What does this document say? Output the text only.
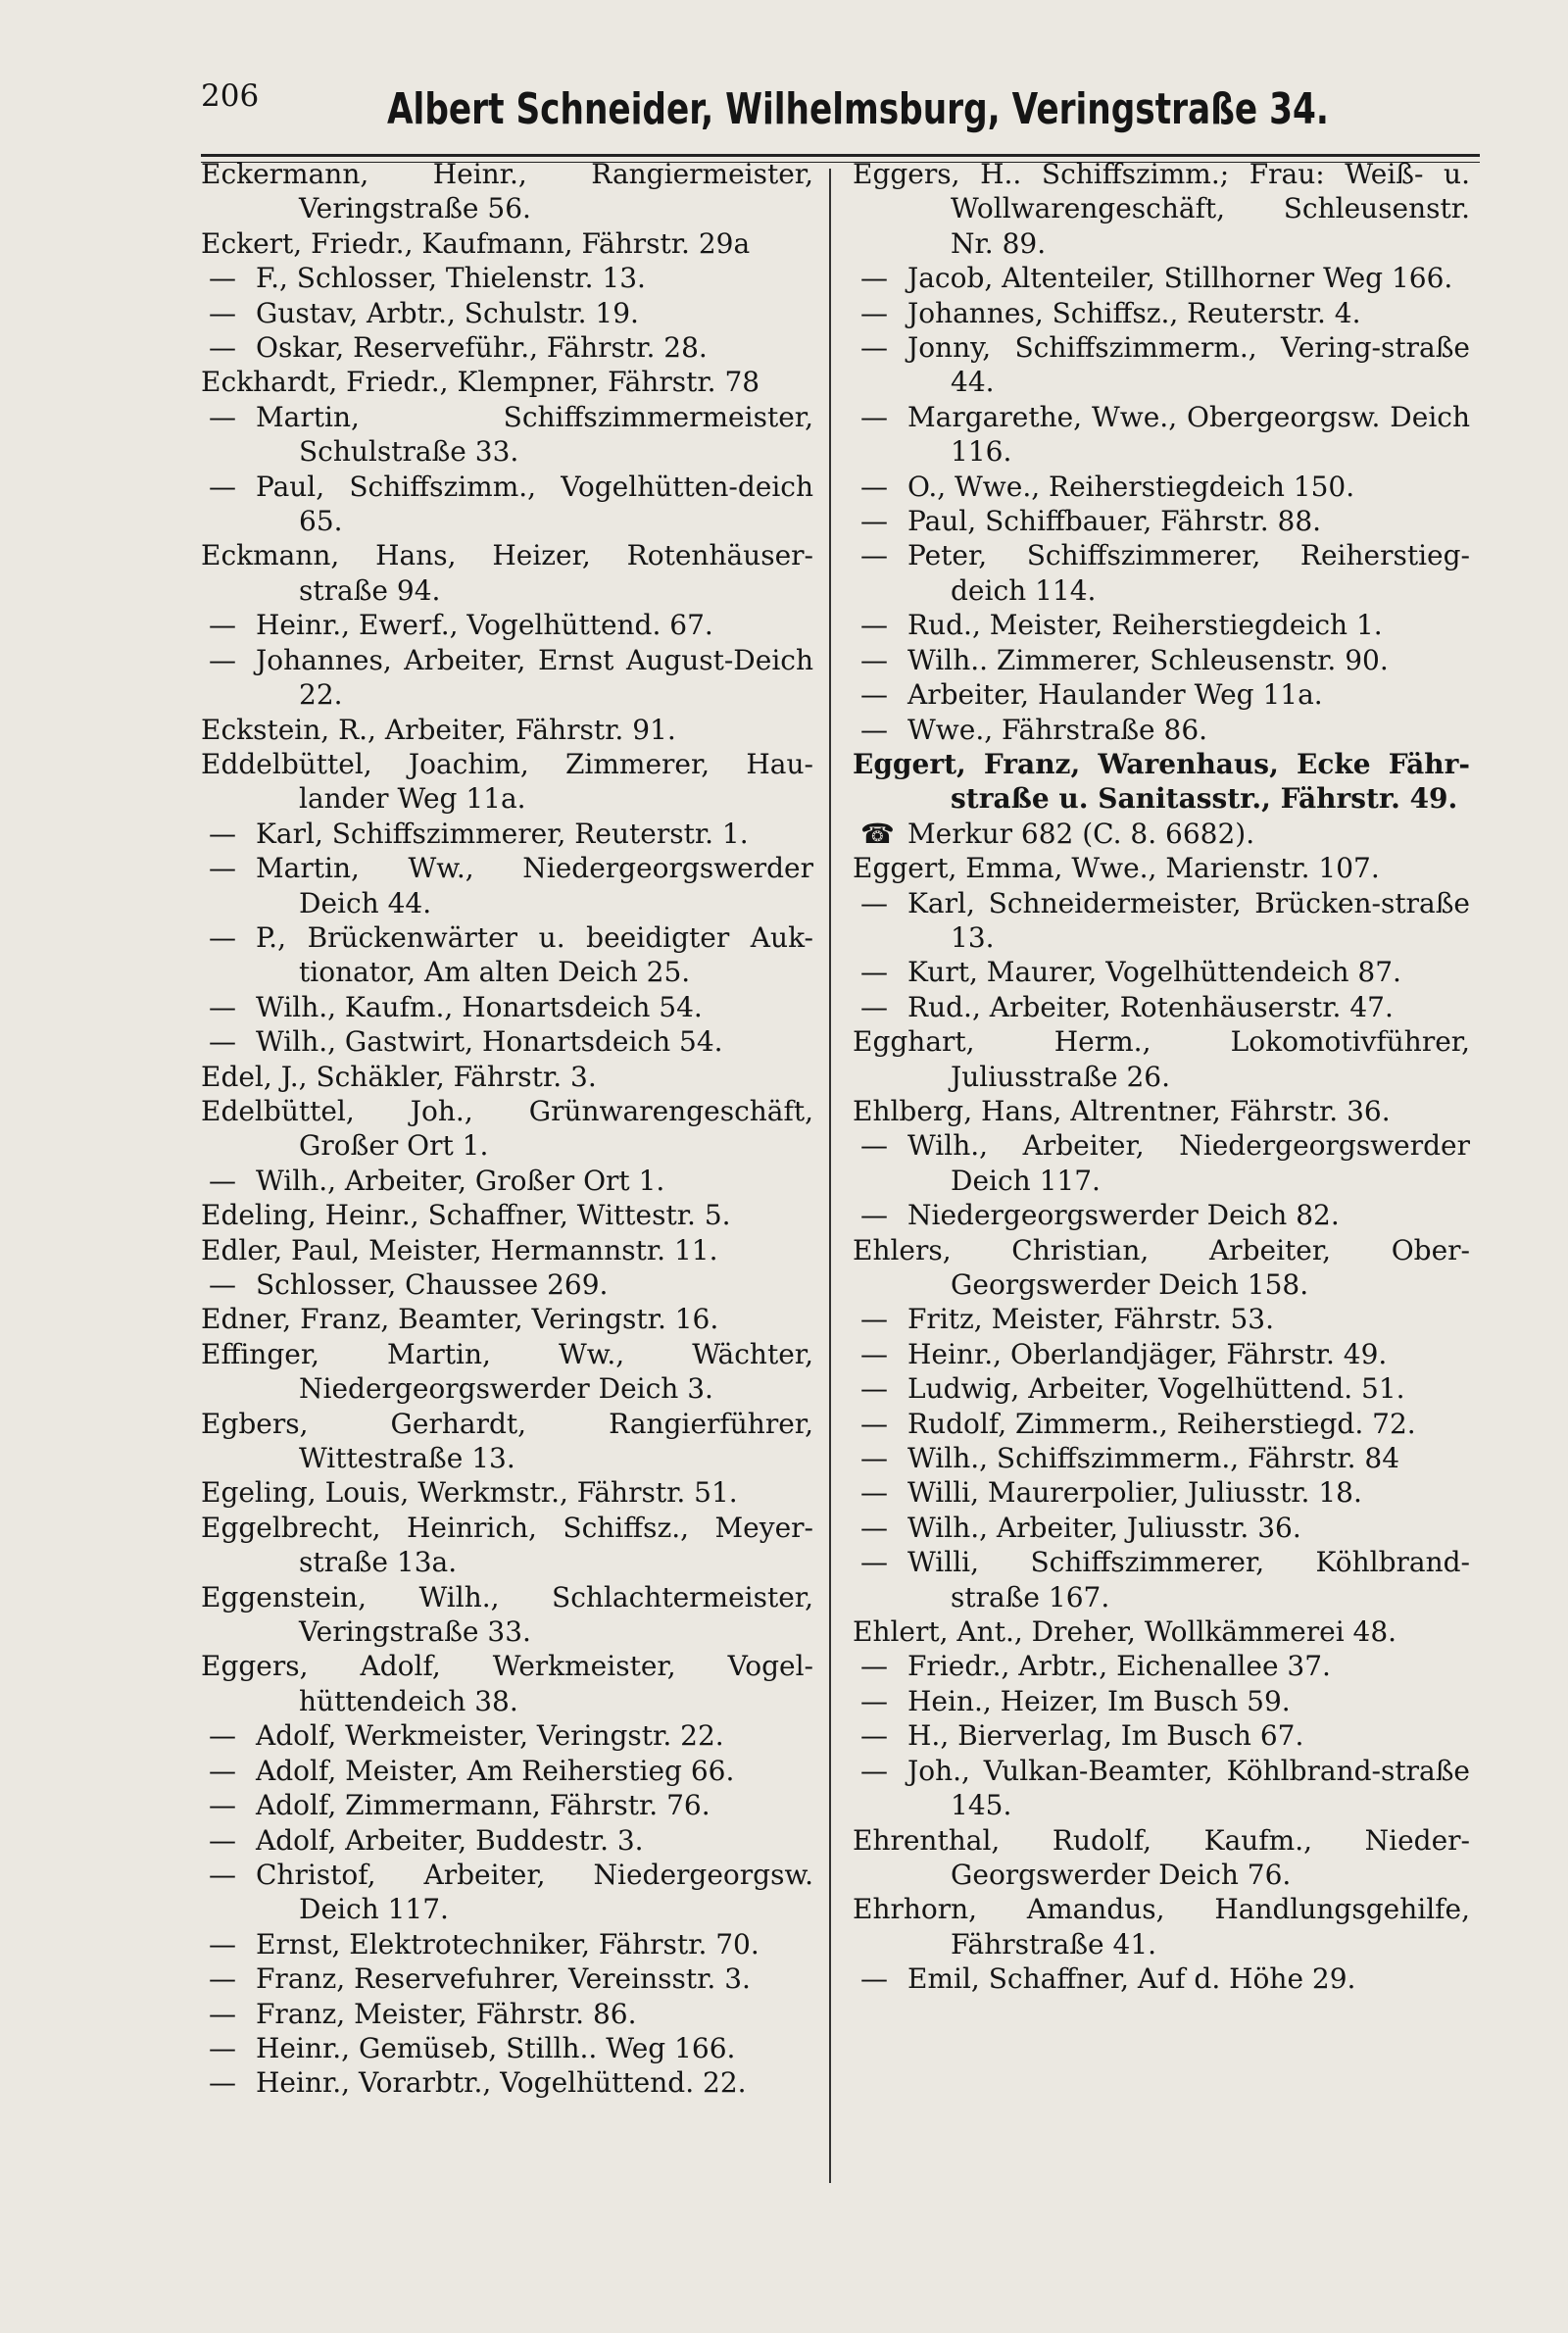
206	Albert Schneider, Wilhelmsburg, Veringstraße 34.
Eckermann, Heinr., Rangiermeister, Veringstraße 56.
Eckert, Friedr., Kaufmann, Fährstr. 29a
— F., Schlosser, Thielenstr. 13.
— Gustav, Arbtr., Schulstr. 19.
— Oskar, Reserveführ., Fährstr. 28.
Eckhardt, Friedr., Klempner, Fährstr. 78
— Martin, Schiffszimmermeister, Schulstraße 33.
— Paul, Schiffszimm., Vogelhütten-deich 65.
Eckmann, Hans, Heizer, Rotenhäuser-straße 94.
— Heinr., Ewerf., Vogelhüttend. 67.
— Johannes, Arbeiter, Ernst August-Deich 22.
Eckstein, R., Arbeiter, Fährstr. 91.
Eddelbüttel, Joachim, Zimmerer, Hau-lander Weg 11a.
— Karl, Schiffszimmerer, Reuterstr. 1.
— Martin, Ww., Niedergeorgswerder Deich 44.
— P., Brückenwärter u. beeidigter Auk-tionator, Am alten Deich 25.
— Wilh., Kaufm., Honartsdeich 54.
— Wilh., Gastwirt, Honartsdeich 54.
Edel, J., Schäkler, Fährstr. 3.
Edelbüttel, Joh., Grünwarengeschäft, Großer Ort 1.
— Wilh., Arbeiter, Großer Ort 1.
Edeling, Heinr., Schaffner, Wittestr. 5.
Edler, Paul, Meister, Hermannstr. 11.
— Schlosser, Chaussee 269.
Edner, Franz, Beamter, Veringstr. 16.
Effinger, Martin, Ww., Wächter, Niedergeorgswerder Deich 3.
Egbers, Gerhardt, Rangierführer, Wittestraße 13.
Egeling, Louis, Werkmstr., Fährstr. 51.
Eggelbrecht, Heinrich, Schiffsz., Meyer-straße 13a.
Eggenstein, Wilh., Schlachtermeister, Veringstraße 33.
Eggers, Adolf, Werkmeister, Vogel-hüttendeich 38.
— Adolf, Werkmeister, Veringstr. 22.
— Adolf, Meister, Am Reiherstieg 66.
— Adolf, Zimmermann, Fährstr. 76.
— Adolf, Arbeiter, Buddestr. 3.
— Christof, Arbeiter, Niedergeorgsw. Deich 117.
— Ernst, Elektrotechniker, Fährstr. 70.
— Franz, Reservefuhrer, Vereinsstr. 3.
— Franz, Meister, Fährstr. 86.
— Heinr., Gemüseb, Stillh.. Weg 166.
— Heinr., Vorarbtr., Vogelhüttend. 22.
Eggers, H.. Schiffszimm.; Frau: Weiß- u. Wollwarengeschäft, Schleusenstr. Nr. 89.
— Jacob, Altenteiler, Stillhorner Weg 166.
— Johannes, Schiffsz., Reuterstr. 4.
— Jonny, Schiffszimmerm., Vering-straße 44.
— Margarethe, Wwe., Obergeorgsw. Deich 116.
— O., Wwe., Reiherstiegdeich 150.
— Paul, Schiffbauer, Fährstr. 88.
— Peter, Schiffszimmerer, Reiherstieg-deich 114.
— Rud., Meister, Reiherstiegdeich 1.
— Wilh.. Zimmerer, Schleusenstr. 90.
— Arbeiter, Haulander Weg 11a.
— Wwe., Fährstraße 86.
Eggert, Franz, Warenhaus, Ecke Fähr-straße u. Sanitasstr., Fährstr. 49.
☎ Merkur 682 (C. 8. 6682).
Eggert, Emma, Wwe., Marienstr. 107.
— Karl, Schneidermeister, Brücken-straße 13.
— Kurt, Maurer, Vogelhüttendeich 87.
— Rud., Arbeiter, Rotenhäuserstr. 47.
Egghart, Herm., Lokomotivführer, Juliusstraße 26.
Ehlberg, Hans, Altrentner, Fährstr. 36.
— Wilh., Arbeiter, Niedergeorgswerder Deich 117.
— Niedergeorgswerder Deich 82.
Ehlers, Christian, Arbeiter, Ober-Georgswerder Deich 158.
— Fritz, Meister, Fährstr. 53.
— Heinr., Oberlandjäger, Fährstr. 49.
— Ludwig, Arbeiter, Vogelhüttend. 51.
— Rudolf, Zimmerm., Reiherstiegd. 72.
— Wilh., Schiffszimmerm., Fährstr. 84
— Willi, Maurerpolier, Juliusstr. 18.
— Wilh., Arbeiter, Juliusstr. 36.
— Willi, Schiffszimmerer, Köhlbrand-straße 167.
Ehlert, Ant., Dreher, Wollkämmerei 48.
— Friedr., Arbtr., Eichenallee 37.
— Hein., Heizer, Im Busch 59.
— H., Bierverlag, Im Busch 67.
— Joh., Vulkan-Beamter, Köhlbrand-straße 145.
Ehrenthal, Rudolf, Kaufm., Nieder-Georgswerder Deich 76.
Ehrhorn, Amandus, Handlungsgehilfe, Fährstraße 41.
— Emil, Schaffner, Auf d. Höhe 29.
